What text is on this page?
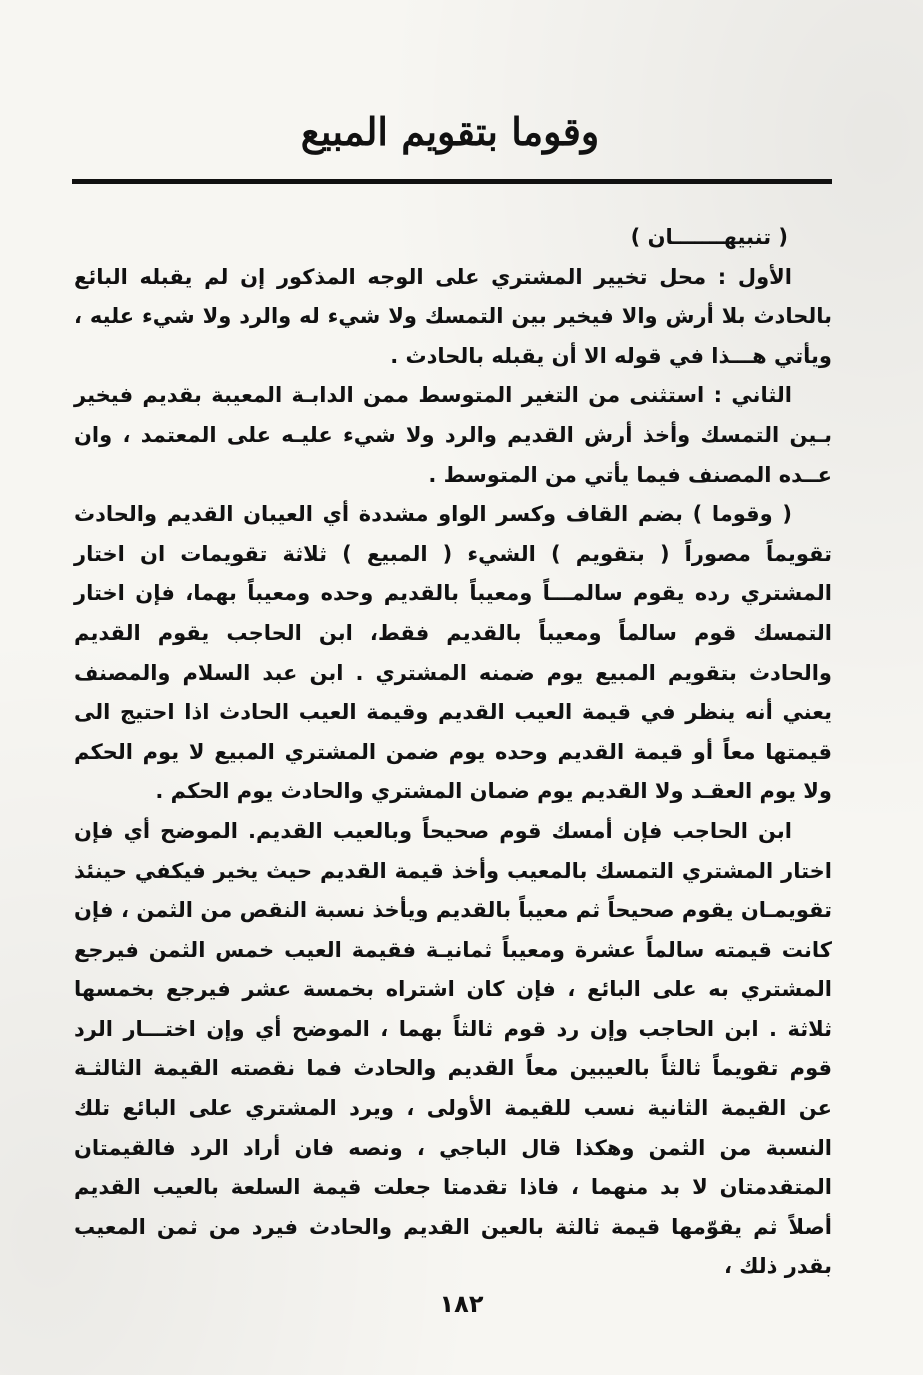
وقوما بتقويم المبيع

( تنبيهـــــــان )

الأول : محل تخيير المشتري على الوجه المذكور إن لم يقبله البائع بالحادث بلا أرش والا فيخير بين التمسك ولا شيء له والرد ولا شيء عليه ، ويأتي هـــذا في قوله الا أن يقبله بالحادث .

الثاني : استثنى من التغير المتوسط ممن الدابـة المعيبة بقديم فيخير بـين التمسك وأخذ أرش القديم والرد ولا شيء عليـه على المعتمد ، وان عــده المصنف فيما يأتي من المتوسط .

( وقوما ) بضم القاف وكسر الواو مشددة أي العيبان القديم والحادث تقويماً مصوراً ( بتقويم ) الشيء ( المبيع ) ثلاثة تقويمات ان اختار المشتري رده يقوم سالمـــاً ومعيباً بالقديم وحده ومعيباً بهما، فإن اختار التمسك قوم سالماً ومعيباً بالقديم فقط، ابن الحاجب يقوم القديم والحادث بتقويم المبيع يوم ضمنه المشتري . ابن عبد السلام والمصنف يعني أنه ينظر في قيمة العيب القديم وقيمة العيب الحادث اذا احتيج الى قيمتها معاً أو قيمة القديم وحده يوم ضمن المشتري المبيع لا يوم الحكم ولا يوم العقـد ولا القديم يوم ضمان المشتري والحادث يوم الحكم .

ابن الحاجب فإن أمسك قوم صحيحاً وبالعيب القديم. الموضح أي فإن اختار المشتري التمسك بالمعيب وأخذ قيمة القديم حيث يخير فيكفي حينئذ تقويمـان يقوم صحيحاً ثم معيباً بالقديم ويأخذ نسبة النقص من الثمن ، فإن كانت قيمته سالماً عشرة ومعيباً ثمانيـة فقيمة العيب خمس الثمن فيرجع المشتري به على البائع ، فإن كان اشتراه بخمسة عشر فيرجع بخمسها ثلاثة . ابن الحاجب وإن رد قوم ثالثاً بهما ، الموضح أي وإن اختـــار الرد قوم تقويماً ثالثاً بالعيبين معاً القديم والحادث فما نقصته القيمة الثالثـة عن القيمة الثانية نسب للقيمة الأولى ، ويرد المشتري على البائع تلك النسبة من الثمن وهكذا قال الباجي ، ونصه فان أراد الرد فالقيمتان المتقدمتان لا بد منهما ، فاذا تقدمتا جعلت قيمة السلعة بالعيب القديم أصلاً ثم يقوّمها قيمة ثالثة بالعين القديم والحادث فيرد من ثمن المعيب بقدر ذلك ،

١٨٢
